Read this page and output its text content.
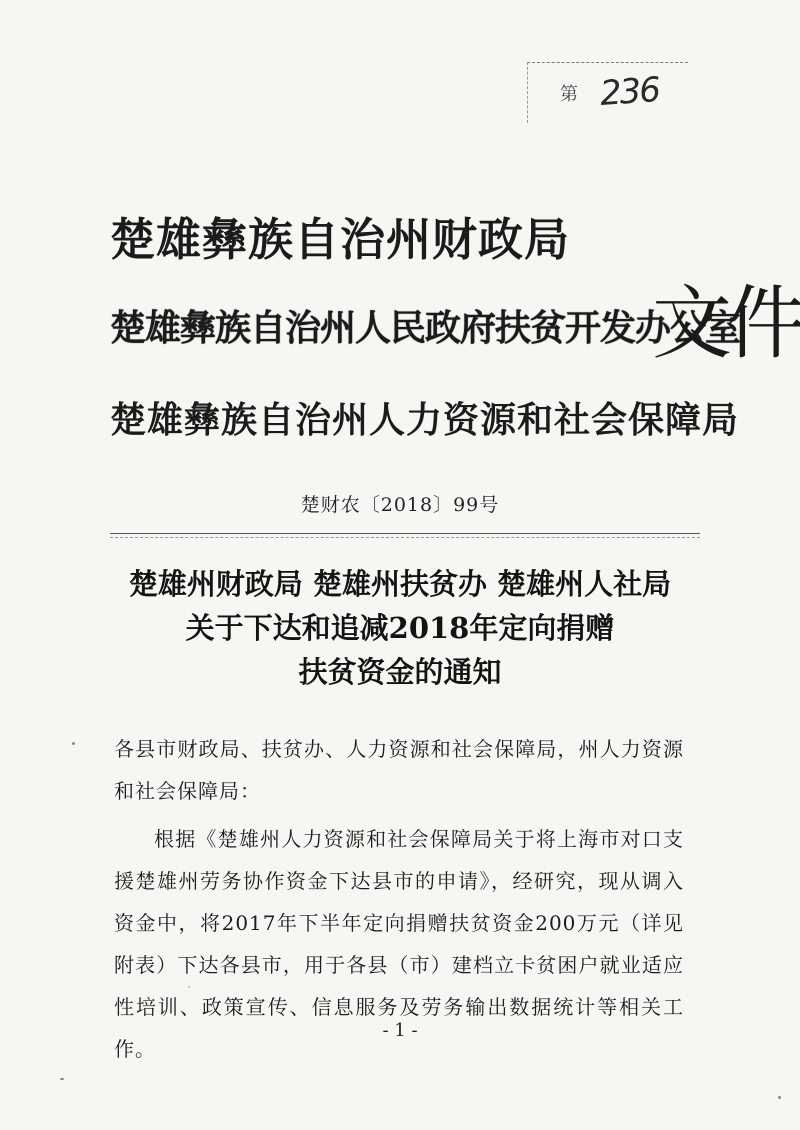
第 236
楚雄彝族自治州财政局
楚雄彝族自治州人民政府扶贫开发办公室
楚雄彝族自治州人力资源和社会保障局
文件
楚财农〔2018〕99号
楚雄州财政局 楚雄州扶贫办 楚雄州人社局
关于下达和追减2018年定向捐赠
扶贫资金的通知

各县市财政局、扶贫办、人力资源和社会保障局，州人力资源和社会保障局：

根据《楚雄州人力资源和社会保障局关于将上海市对口支援楚雄州劳务协作资金下达县市的申请》，经研究，现从调入资金中，将2017年下半年定向捐赠扶贫资金200万元（详见附表）下达各县市，用于各县（市）建档立卡贫困户就业适应性培训、政策宣传、信息服务及劳务输出数据统计等相关工作。

- 1 -
